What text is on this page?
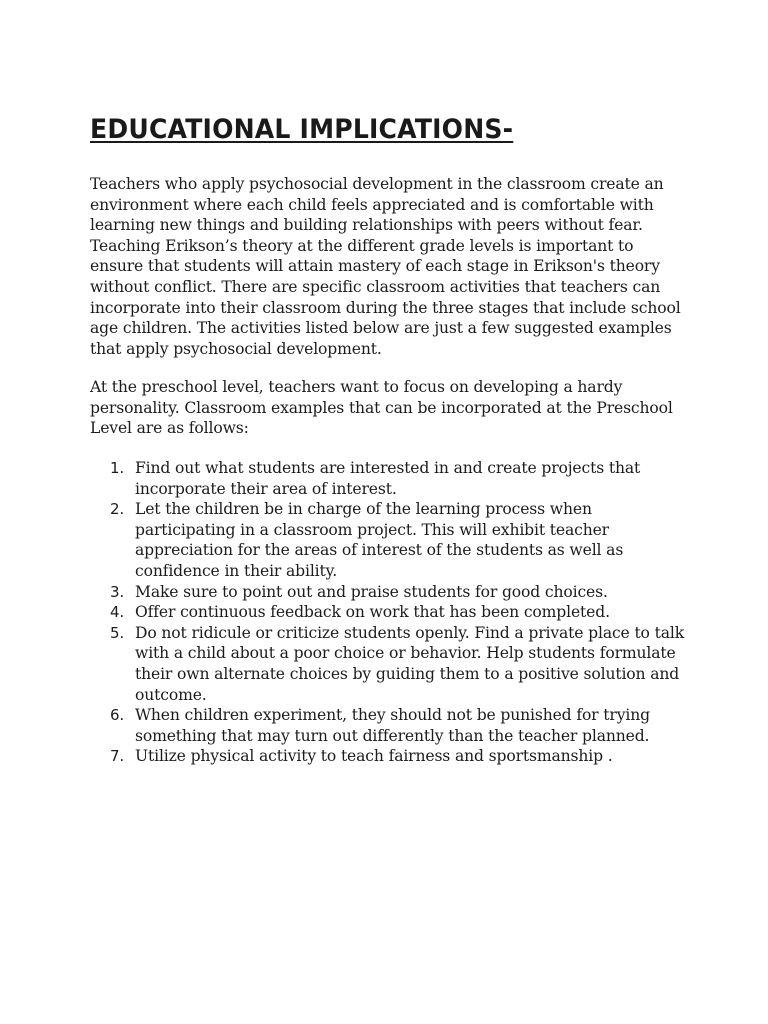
EDUCATIONAL IMPLICATIONS-

Teachers who apply psychosocial development in the classroom create an environment where each child feels appreciated and is comfortable with learning new things and building relationships with peers without fear. Teaching Erikson’s theory at the different grade levels is important to ensure that students will attain mastery of each stage in Erikson's theory without conflict. There are specific classroom activities that teachers can incorporate into their classroom during the three stages that include school age children. The activities listed below are just a few suggested examples that apply psychosocial development.

At the preschool level, teachers want to focus on developing a hardy personality. Classroom examples that can be incorporated at the Preschool Level are as follows:

1. Find out what students are interested in and create projects that incorporate their area of interest.
2. Let the children be in charge of the learning process when participating in a classroom project. This will exhibit teacher appreciation for the areas of interest of the students as well as confidence in their ability.
3. Make sure to point out and praise students for good choices.
4. Offer continuous feedback on work that has been completed.
5. Do not ridicule or criticize students openly. Find a private place to talk with a child about a poor choice or behavior. Help students formulate their own alternate choices by guiding them to a positive solution and outcome.
6. When children experiment, they should not be punished for trying something that may turn out differently than the teacher planned.
7. Utilize physical activity to teach fairness and sportsmanship .
